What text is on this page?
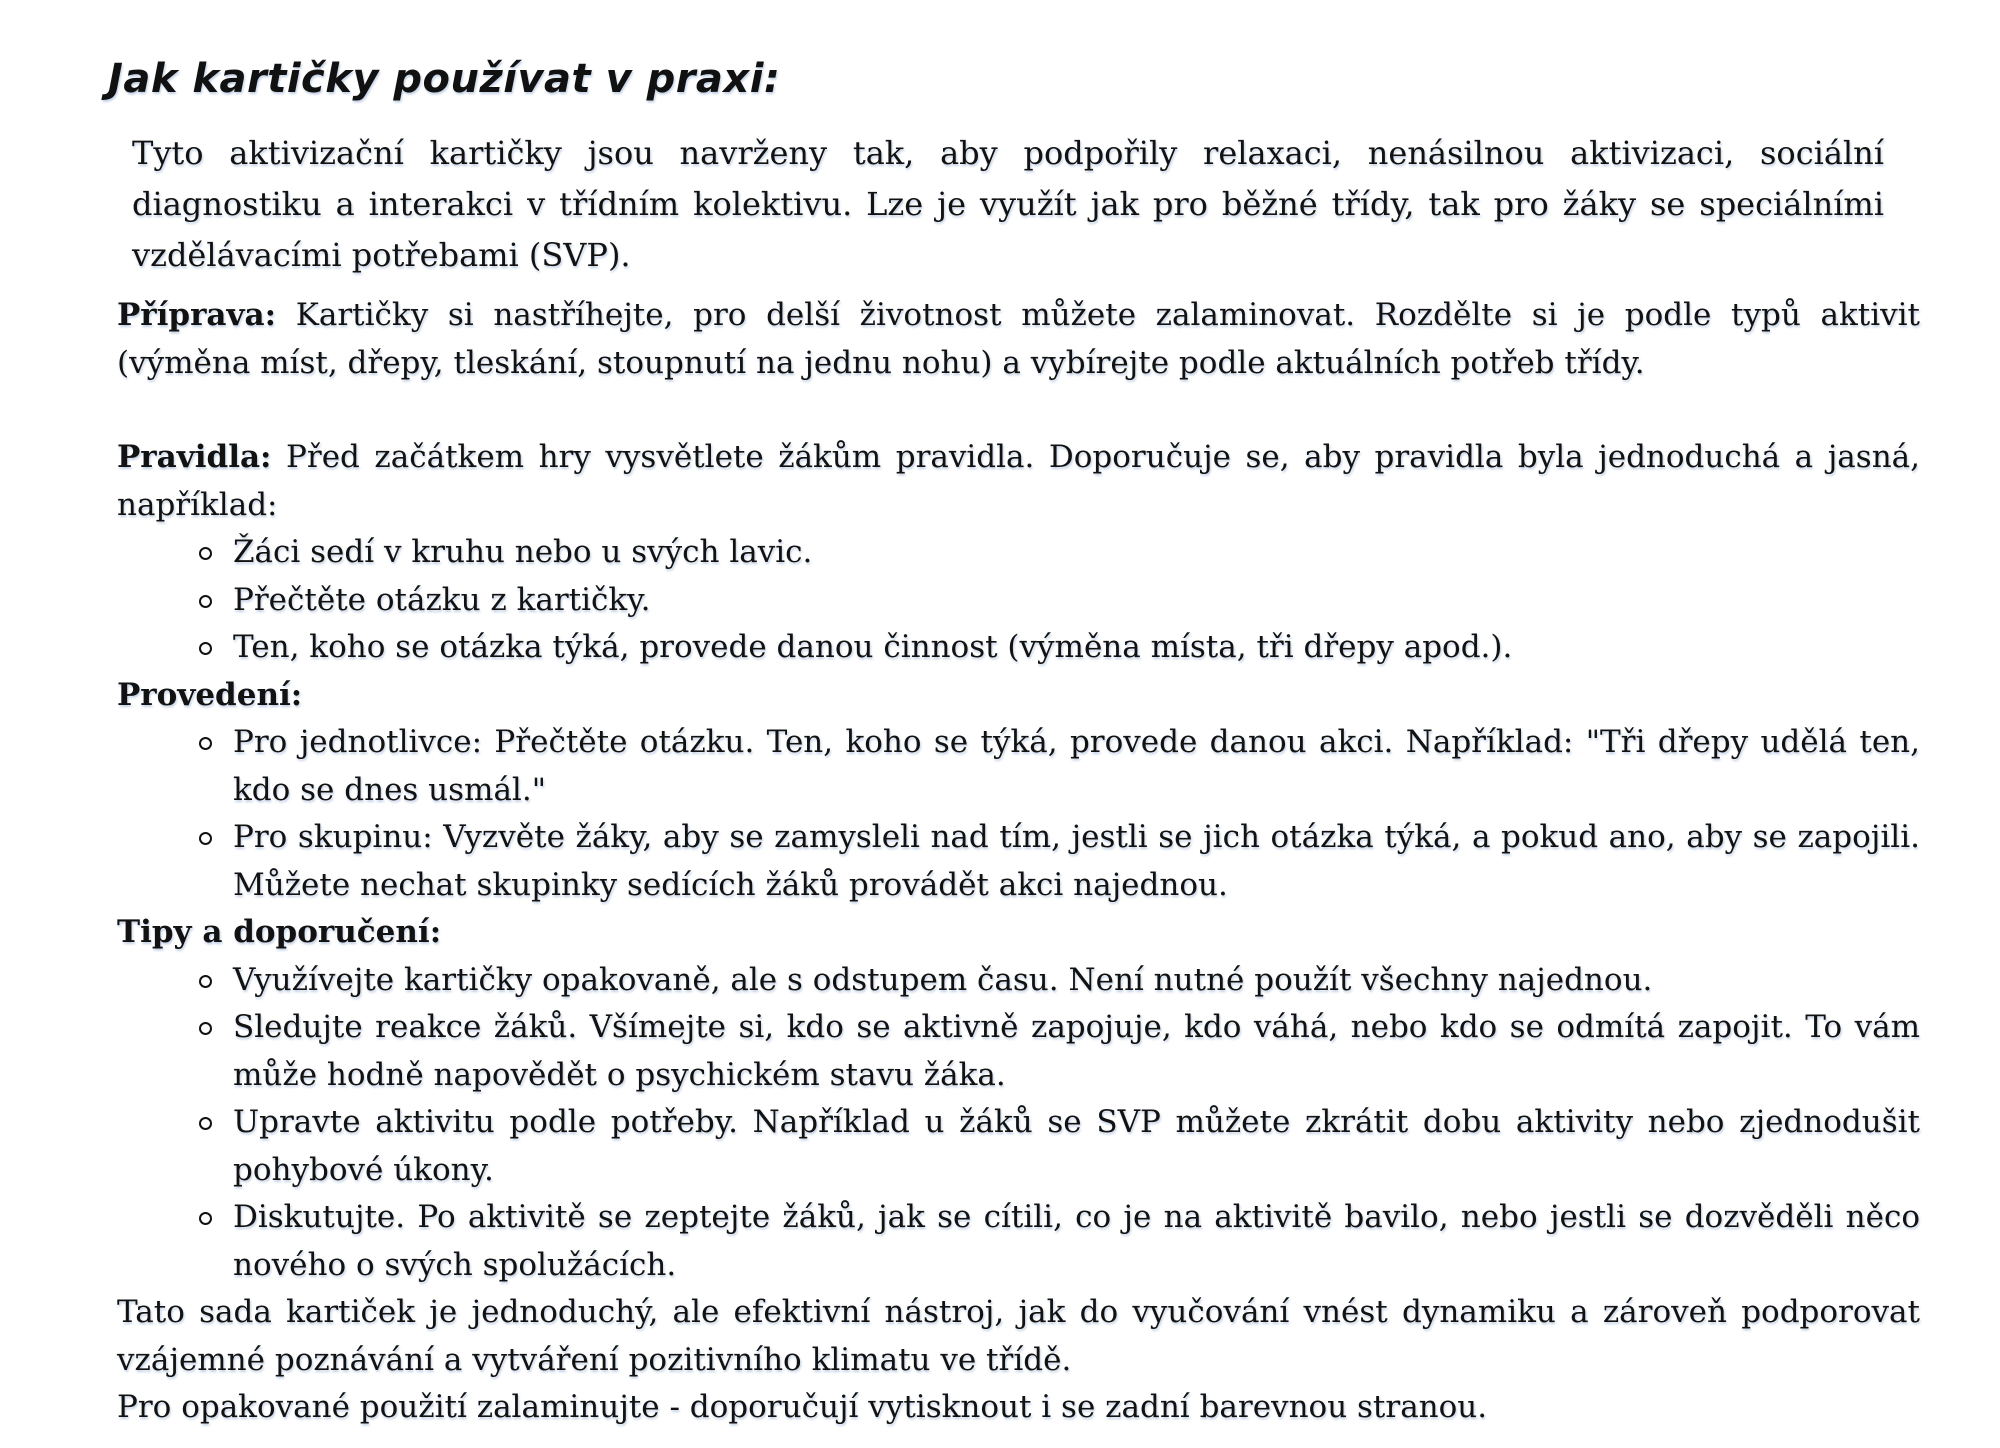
Jak kartičky používat v praxi:
Tyto aktivizační kartičky jsou navrženy tak, aby podpořily relaxaci, nenásilnou aktivizaci, sociální diagnostiku a interakci v třídním kolektivu. Lze je využít jak pro běžné třídy, tak pro žáky se speciálními vzdělávacími potřebami (SVP).

Příprava: Kartičky si nastříhejte, pro delší životnost můžete zalaminovat. Rozdělte si je podle typů aktivit (výměna míst, dřepy, tleskání, stoupnutí na jednu nohu) a vybírejte podle aktuálních potřeb třídy.

Pravidla: Před začátkem hry vysvětlete žákům pravidla. Doporučuje se, aby pravidla byla jednoduchá a jasná, například:

Žáci sedí v kruhu nebo u svých lavic.
Přečtěte otázku z kartičky.
Ten, koho se otázka týká, provede danou činnost (výměna místa, tři dřepy apod.).
Provedení:
Pro jednotlivce: Přečtěte otázku. Ten, koho se týká, provede danou akci. Například: "Tři dřepy udělá ten, kdo se dnes usmál."
Pro skupinu: Vyzvěte žáky, aby se zamysleli nad tím, jestli se jich otázka týká, a pokud ano, aby se zapojili. Můžete nechat skupinky sedících žáků provádět akci najednou.
Tipy a doporučení:
Využívejte kartičky opakovaně, ale s odstupem času. Není nutné použít všechny najednou.
Sledujte reakce žáků. Všímejte si, kdo se aktivně zapojuje, kdo váhá, nebo kdo se odmítá zapojit. To vám může hodně napovědět o psychickém stavu žáka.
Upravte aktivitu podle potřeby. Například u žáků se SVP můžete zkrátit dobu aktivity nebo zjednodušit pohybové úkony.
Diskutujte. Po aktivitě se zeptejte žáků, jak se cítili, co je na aktivitě bavilo, nebo jestli se dozvěděli něco nového o svých spolužácích.

Tato sada kartiček je jednoduchý, ale efektivní nástroj, jak do vyučování vnést dynamiku a zároveň podporovat vzájemné poznávání a vytváření pozitivního klimatu ve třídě.

Pro opakované použití zalaminujte - doporučují vytisknout i se zadní barevnou stranou.
